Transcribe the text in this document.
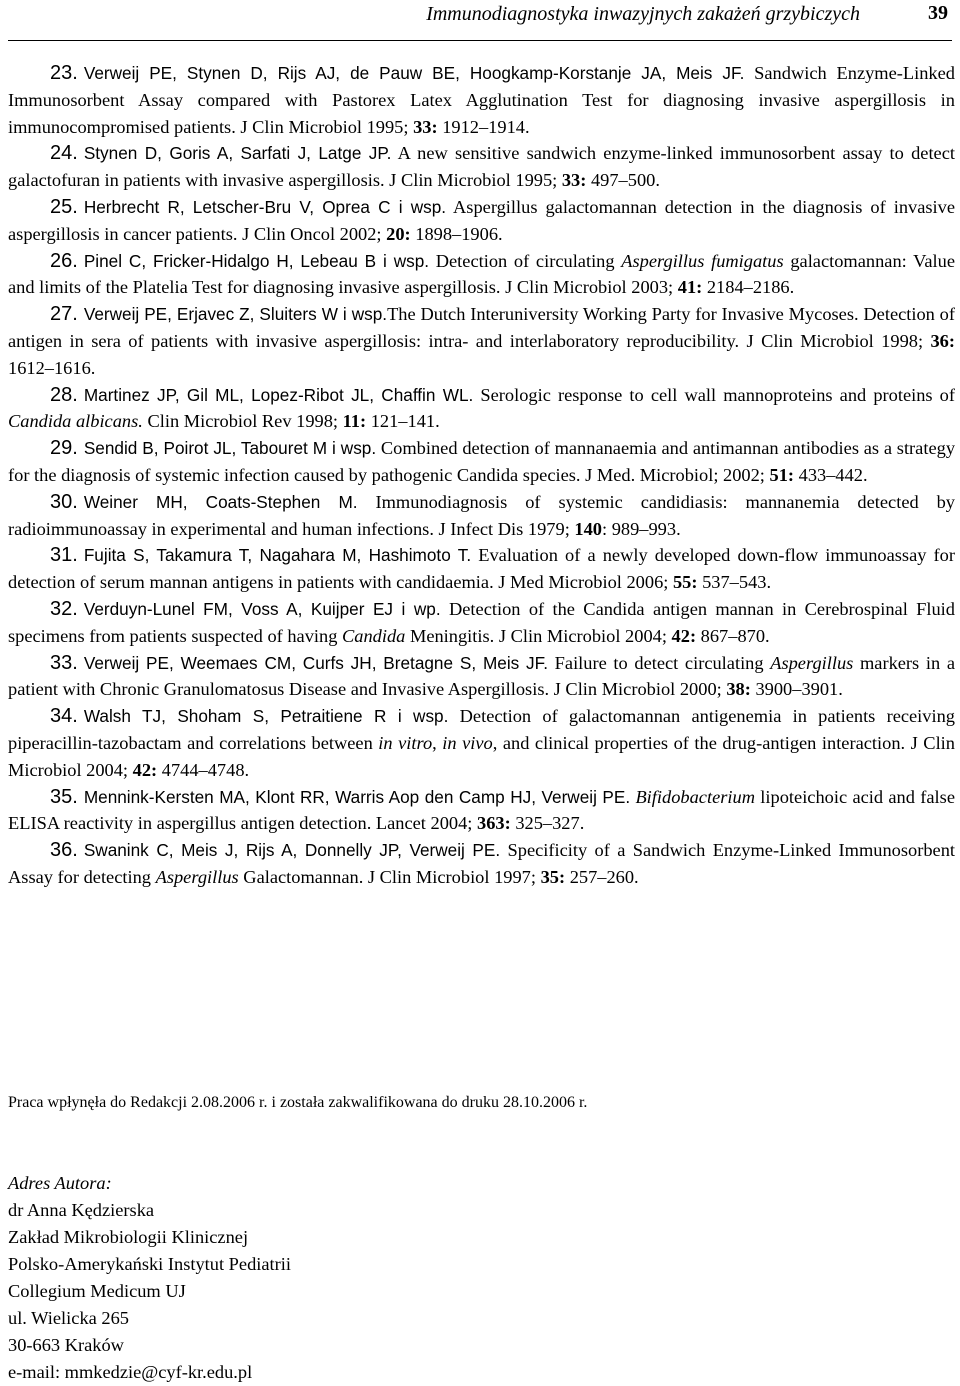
Immunodiagnostyka inwazyjnych zakażeń grzybiczych	39

23. Verweij PE, Stynen D, Rijs AJ, de Pauw BE, Hoogkamp-Korstanje JA, Meis JF. Sandwich Enzyme-Linked Immunosorbent Assay compared with Pastorex Latex Agglutination Test for diagnosing invasive aspergillosis in immunocompromised patients. J Clin Microbiol 1995; 33: 1912–1914.

24. Stynen D, Goris A, Sarfati J, Latge JP. A new sensitive sandwich enzyme-linked immunosorbent assay to detect galactofuran in patients with invasive aspergillosis. J Clin Microbiol 1995; 33: 497–500.

25. Herbrecht R, Letscher-Bru V, Oprea C i wsp. Aspergillus galactomannan detection in the diagnosis of invasive aspergillosis in cancer patients. J Clin Oncol 2002; 20: 1898–1906.

26. Pinel C, Fricker-Hidalgo H, Lebeau B i wsp. Detection of circulating Aspergillus fumigatus galactomannan: Value and limits of the Platelia Test for diagnosing invasive aspergillosis. J Clin Microbiol 2003; 41: 2184–2186.

27. Verweij PE, Erjavec Z, Sluiters W i wsp.The Dutch Interuniversity Working Party for Invasive Mycoses. Detection of antigen in sera of patients with invasive aspergillosis: intra- and interlaboratory reproducibility. J Clin Microbiol 1998; 36: 1612–1616.

28. Martinez JP, Gil ML, Lopez-Ribot JL, Chaffin WL. Serologic response to cell wall mannoproteins and proteins of Candida albicans. Clin Microbiol Rev 1998; 11: 121–141.

29. Sendid B, Poirot JL, Tabouret M i wsp. Combined detection of mannanaemia and antimannan antibodies as a strategy for the diagnosis of systemic infection caused by pathogenic Candida species. J Med. Microbiol; 2002; 51: 433–442.

30. Weiner MH, Coats-Stephen M. Immunodiagnosis of systemic candidiasis: mannanemia detected by radioimmunoassay in experimental and human infections. J Infect Dis 1979; 140: 989–993.

31. Fujita S, Takamura T, Nagahara M, Hashimoto T. Evaluation of a newly developed down-flow immunoassay for detection of serum mannan antigens in patients with candidaemia. J Med Microbiol 2006; 55: 537–543.

32. Verduyn-Lunel FM, Voss A, Kuijper EJ i wp. Detection of the Candida antigen mannan in Cerebrospinal Fluid specimens from patients suspected of having Candida Meningitis. J Clin Microbiol 2004; 42: 867–870.

33. Verweij PE, Weemaes CM, Curfs JH, Bretagne S, Meis JF. Failure to detect circulating Aspergillus markers in a patient with Chronic Granulomatosus Disease and Invasive Aspergillosis. J Clin Microbiol 2000; 38: 3900–3901.

34. Walsh TJ, Shoham S, Petraitiene R i wsp. Detection of galactomannan antigenemia in patients receiving piperacillin-tazobactam and correlations between in vitro, in vivo, and clinical properties of the drug-antigen interaction. J Clin Microbiol 2004; 42: 4744–4748.

35. Mennink-Kersten MA, Klont RR, Warris Aop den Camp HJ, Verweij PE. Bifidobacterium lipoteichoic acid and false ELISA reactivity in aspergillus antigen detection. Lancet 2004; 363: 325–327.

36. Swanink C, Meis J, Rijs A, Donnelly JP, Verweij PE. Specificity of a Sandwich Enzyme-Linked Immunosorbent Assay for detecting Aspergillus Galactomannan. J Clin Microbiol 1997; 35: 257–260.

Praca wpłynęła do Redakcji 2.08.2006 r. i została zakwalifikowana do druku 28.10.2006 r.
Adres Autora:
dr Anna Kędzierska
Zakład Mikrobiologii Klinicznej
Polsko-Amerykański Instytut Pediatrii
Collegium Medicum UJ
ul. Wielicka 265
30-663 Kraków
e-mail: mmkedzie@cyf-kr.edu.pl
